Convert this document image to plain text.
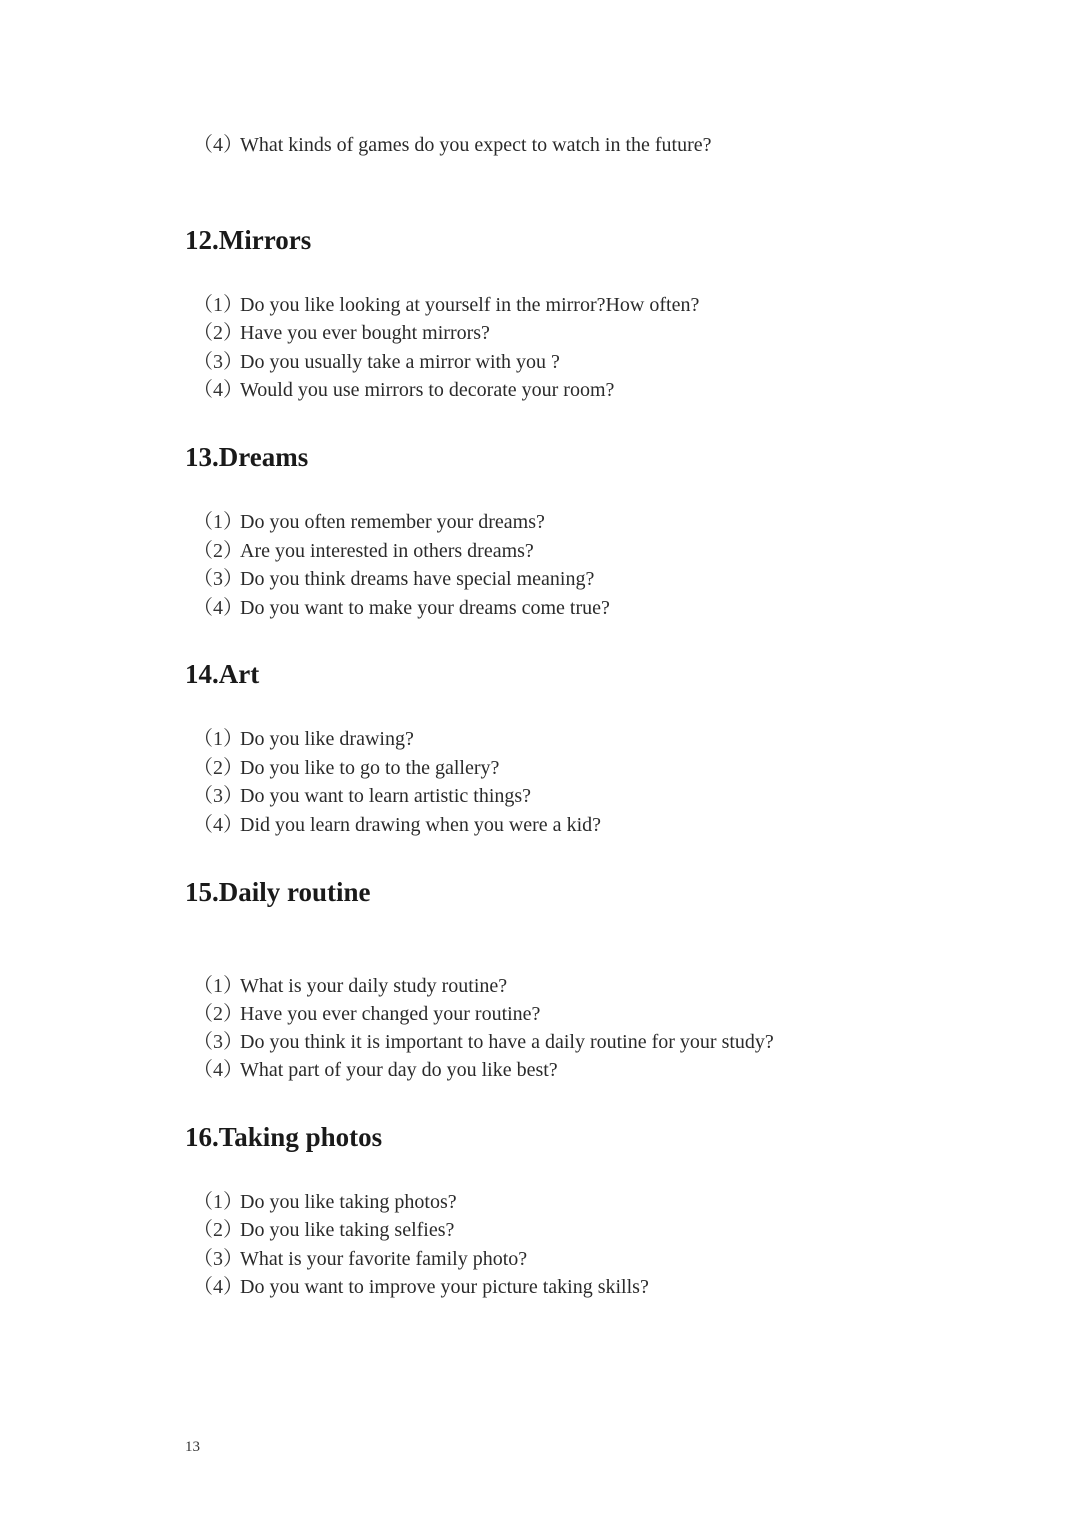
（4）What kinds of games do you expect to watch in the future?
12.Mirrors
（1）Do you like looking at yourself in the mirror?How often?
（2）Have you ever bought mirrors?
（3）Do you usually take a mirror with you ?
（4）Would you use mirrors to decorate your room?
13.Dreams
（1）Do you often remember your dreams?
（2）Are you interested in others dreams?
（3）Do you think dreams have special meaning?
（4）Do you want to make your dreams come true?
14.Art
（1）Do you like drawing?
（2）Do you like to go to the gallery?
（3）Do you want to learn artistic things?
（4）Did you learn drawing when you were a kid?
15.Daily routine
（1）What is your daily study routine?
（2）Have you ever changed your routine?
（3）Do you think it is important to have a daily routine for your study?
（4）What part of your day do you like best?
16.Taking photos
（1）Do you like taking photos?
（2）Do you like taking selfies?
（3）What is your favorite family photo?
（4）Do you want to improve your picture taking skills?
13
